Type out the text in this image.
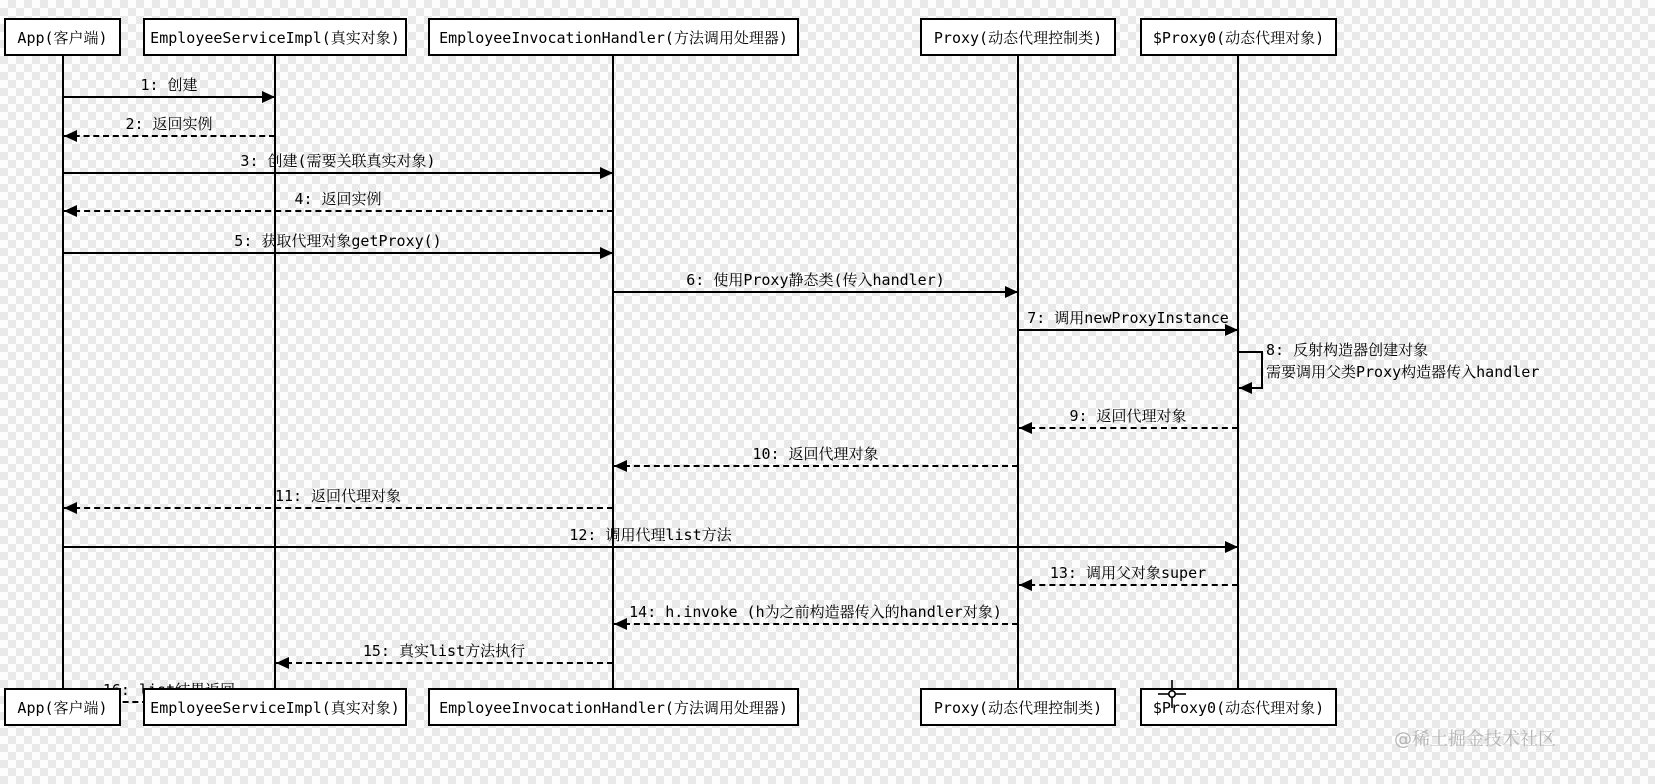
App(客户端)	EmployeeServiceImpl(真实对象)	EmployeeInvocationHandler(方法调用处理器)	Proxy(动态代理控制类)	$Proxy0(动态代理对象)
App(客户端)	EmployeeServiceImpl(真实对象)	EmployeeInvocationHandler(方法调用处理器)	Proxy(动态代理控制类)	$Proxy0(动态代理对象)
1: 创建
2: 返回实例
3: 创建(需要关联真实对象)
4: 返回实例
5: 获取代理对象getProxy()
6: 使用Proxy静态类(传入handler)
7: 调用newProxyInstance
8: 反射构造器创建对象
需要调用父类Proxy构造器传入handler
9: 返回代理对象
10: 返回代理对象
11: 返回代理对象
12: 调用代理list方法
13: 调用父对象super
14: h.invoke (h为之前构造器传入的handler对象)
15: 真实list方法执行
@稀土掘金技术社区
